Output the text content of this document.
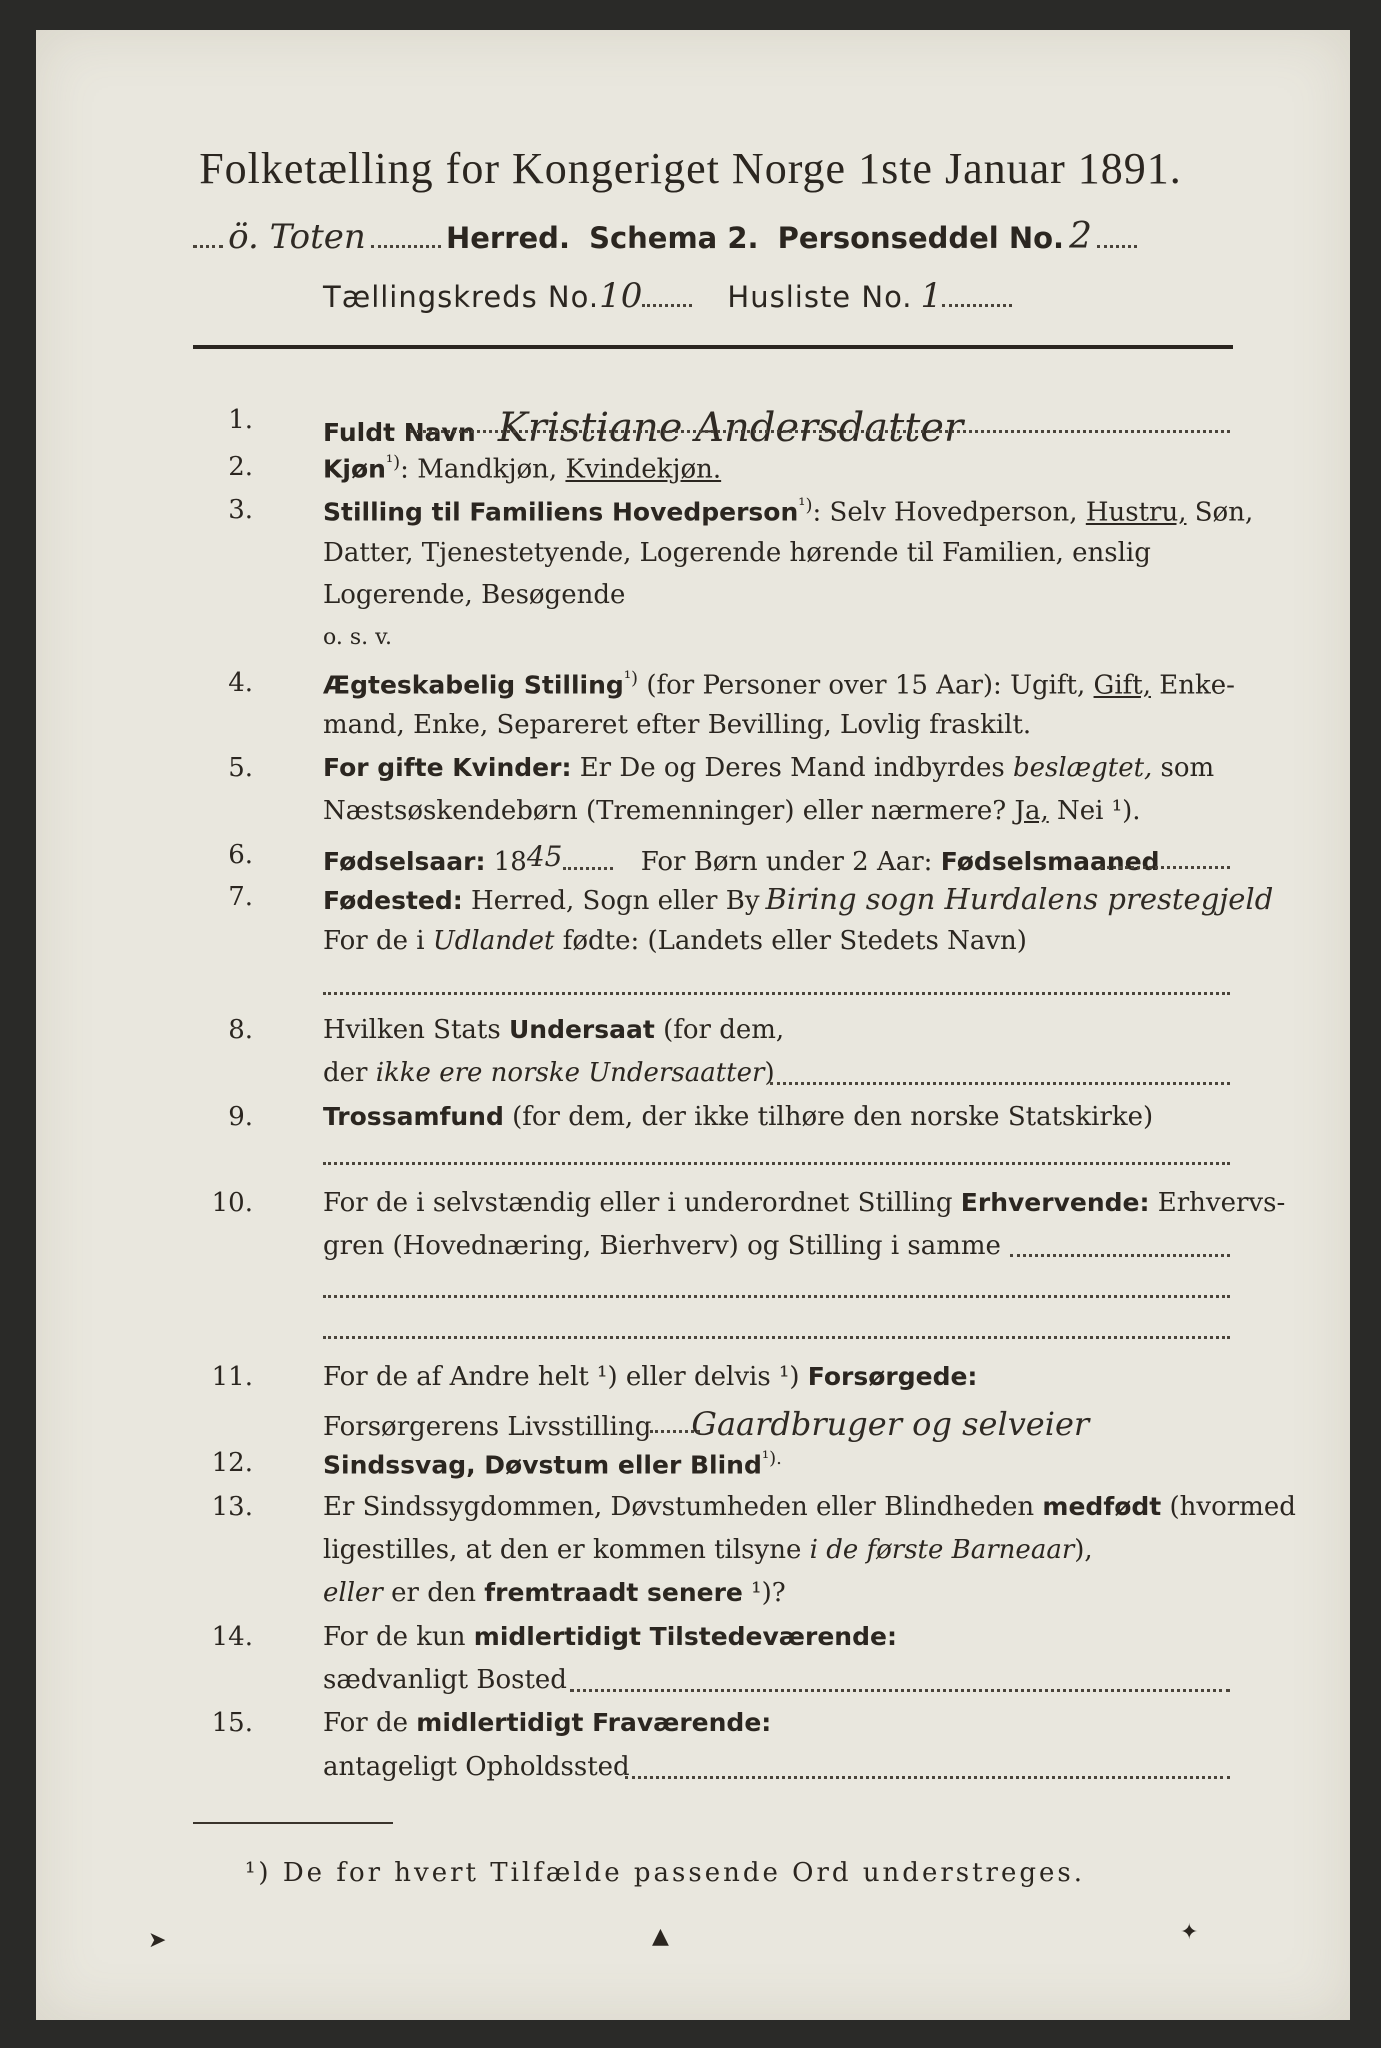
Folketælling for Kongeriget Norge 1ste Januar 1891.
ö. Toten	Herred. Schema 2. Personseddel No. 2
Tællingskreds No.10	Husliste No. 1
1.	Fuldt Navn Kristiane Andersdatter
2.	Kjøn$^{^1)}$: Mandkjøn, Kvindekjøn.
3.	Stilling til Familiens Hovedperson$^{^1)}$: Selv Hovedperson, Hustru, Søn,
Datter, Tjenestetyende, Logerende hørende til Familien, enslig
Logerende, Besøgende
o. s. v.
4.	Ægteskabelig Stilling$^{^1)}$ (for Personer over 15 Aar): Ugift, Gift, Enke-
mand, Enke, Separeret efter Bevilling, Lovlig fraskilt.
5.	For gifte Kvinder: Er De og Deres Mand indbyrdes beslægtet, som
Næstsøskendebørn (Tremenninger) eller nærmere? Ja, Nei ¹).
6.	Fødselsaar: 1845	For Børn under 2 Aar: Fødselsmaaned
7.	Fødested: Herred, Sogn eller By Biring sogn Hurdalens prestegjeld
For de i Udlandet fødte: (Landets eller Stedets Navn)
8.	Hvilken Stats Undersaat (for dem,
der ikke ere norske Undersaatter)
9.	Trossamfund (for dem, der ikke tilhøre den norske Statskirke)
10.	For de i selvstændig eller i underordnet Stilling Erhvervende: Erhvervs-
gren (Hovednæring, Bierhverv) og Stilling i samme
11.	For de af Andre helt ¹) eller delvis ¹) Forsørgede:
Forsørgerens Livsstilling Gaardbruger og selveier
12.	Sindssvag, Døvstum eller Blind$^{^1).}$
13.	Er Sindssygdommen, Døvstumheden eller Blindheden medfødt (hvormed
ligestilles, at den er kommen tilsyne i de første Barneaar),
eller er den fremtraadt senere ¹)?
14.	For de kun midlertidigt Tilstedeværende:
sædvanligt Bosted
15.	For de midlertidigt Fraværende:
antageligt Opholdssted
¹) De for hvert Tilfælde passende Ord understreges.
➤	▲	✦
